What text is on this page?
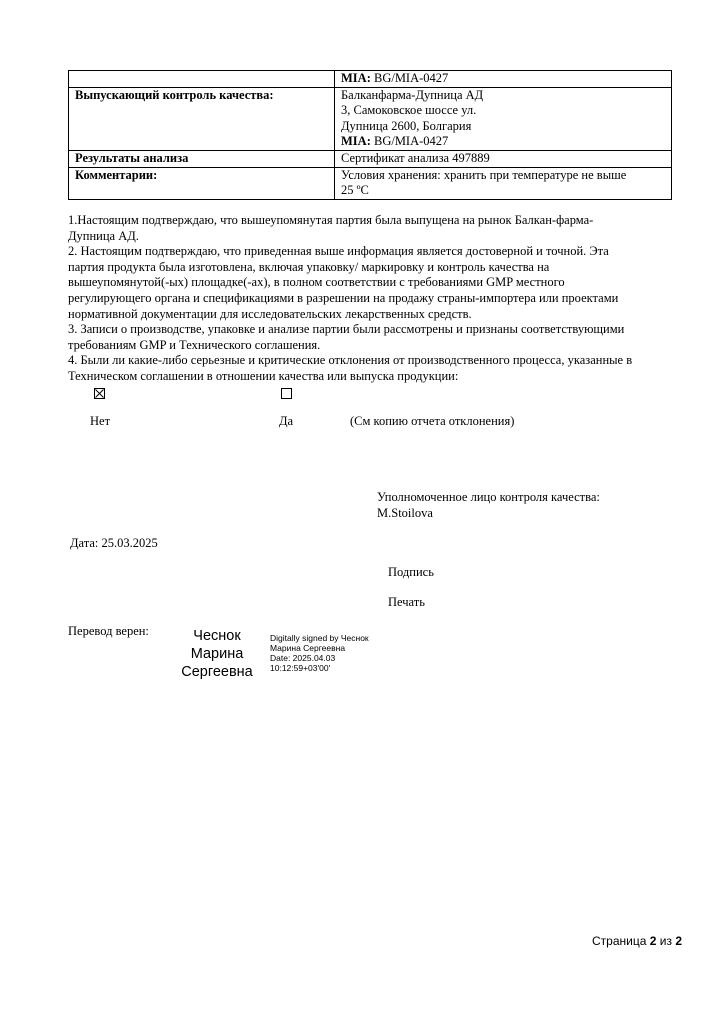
	MIA: BG/MIA-0427
Выпускающий контроль качества:	Балканфарма-Дупница АД
3, Самоковское шоссе ул.
Дупница 2600, Болгария
MIA: BG/MIA-0427

Результаты анализа	Сертификат анализа 497889
Комментарии:	Условия хранения: хранить при температуре не выше
25 ºС

1.Настоящим подтверждаю, что вышеупомянутая партия была выпущена на рынок Балкан-фарма-
Дупница АД.

2. Настоящим подтверждаю, что приведенная выше информация является достоверной и точной. Эта
партия продукта была изготовлена, включая упаковку/ маркировку и контроль качества на
вышеупомянутой(-ых) площадке(-ах), в полном соответствии с требованиями GMP местного
регулирующего органа и спецификациями в разрешении на продажу страны-импортера или проектами
нормативной документации для исследовательских лекарственных средств.

3. Записи о производстве, упаковке и анализе партии были рассмотрены и признаны соответствующими
требованиям GMP и Технического соглашения.

4. Были ли какие-либо серьезные и критические отклонения от производственного процесса, указанные в
Техническом соглашении в отношении качества или выпуска продукции:

Нет	Да	(См копию отчета отклонения)
Уполномоченное лицо контроля качества:
M.Stoilova
Дата: 25.03.2025
Подпись
Печать
Перевод верен:	Чеснок
Марина
Сергеевна
Digitally signed by Чеснок
Марина Сергеевна
Date: 2025.04.03
10:12:59+03'00'
Страница 2 из 2
